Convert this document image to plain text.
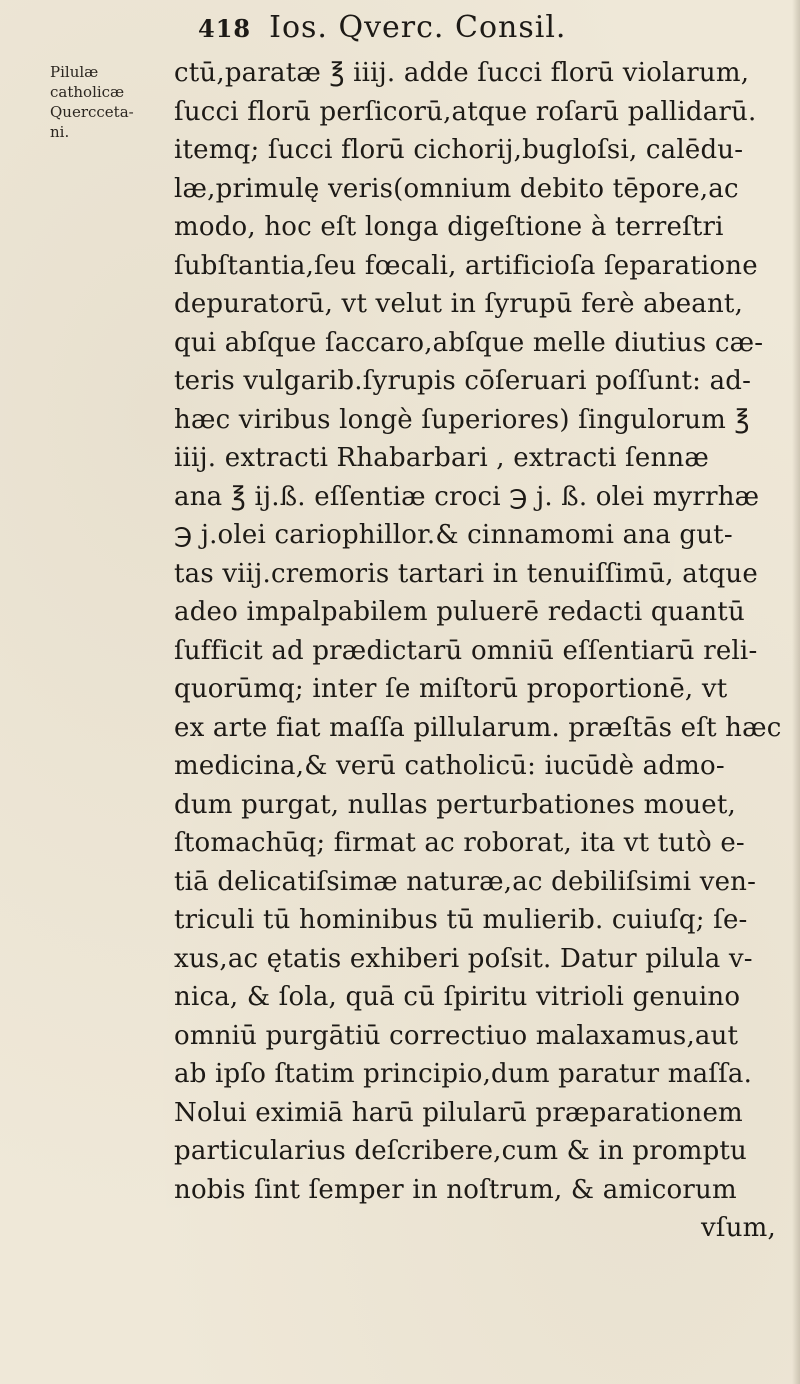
418 Ios. Qverc. Consil.
Pilulæ
catholicæ
Quercceta-
ni.
ctū,paratæ ℥ iiij. adde ſucci florū violarum,
ſucci florū perſicorū,atque roſarū pallidarū.
itemq; ſucci florū cichorij,bugloſsi, calēdu-
læ,primulę veris(omnium debito tēpore,ac
modo, hoc eſt longa digeſtione à terreſtri
ſubſtantia,ſeu fœcali, artificioſa ſeparatione
depuratorū, vt velut in ſyrupū ferè abeant,
qui abſque ſaccaro,abſque melle diutius cæ-
teris vulgarib.ſyrupis cōſeruari poſſunt: ad-
hæc viribus longè ſuperiores) ſingulorum ℥
iiij. extracti Rhabarbari , extracti ſennæ
ana ℥ ij.ß. eſſentiæ croci ℈ j. ß. olei myrrhæ
℈ j.olei cariophillor.& cinnamomi ana gut-
tas viij.cremoris tartari in tenuiſſimū, atque
adeo impalpabilem puluerē redacti quantū
ſufficit ad prædictarū omniū eſſentiarū reli-
quorūmq; inter ſe miſtorū proportionē, vt
ex arte fiat maſſa pillularum. præſtās eſt hæc
medicina,& verū catholicū: iucūdè admo-
dum purgat, nullas perturbationes mouet,
ſtomachūq; firmat ac roborat, ita vt tutò e-
tiā delicatiſsimæ naturæ,ac debiliſsimi ven-
triculi tū hominibus tū mulierib. cuiuſq; ſe-
xus,ac ętatis exhiberi poſsit. Datur pilula v-
nica, & ſola, quā cū ſpiritu vitrioli genuino
omniū purgātiū correctiuo malaxamus,aut
ab ipſo ſtatim principio,dum paratur maſſa.
Nolui eximiā harū pilularū præparationem
particularius deſcribere,cum & in promptu
nobis ſint ſemper in noſtrum, & amicorum
vſum,
